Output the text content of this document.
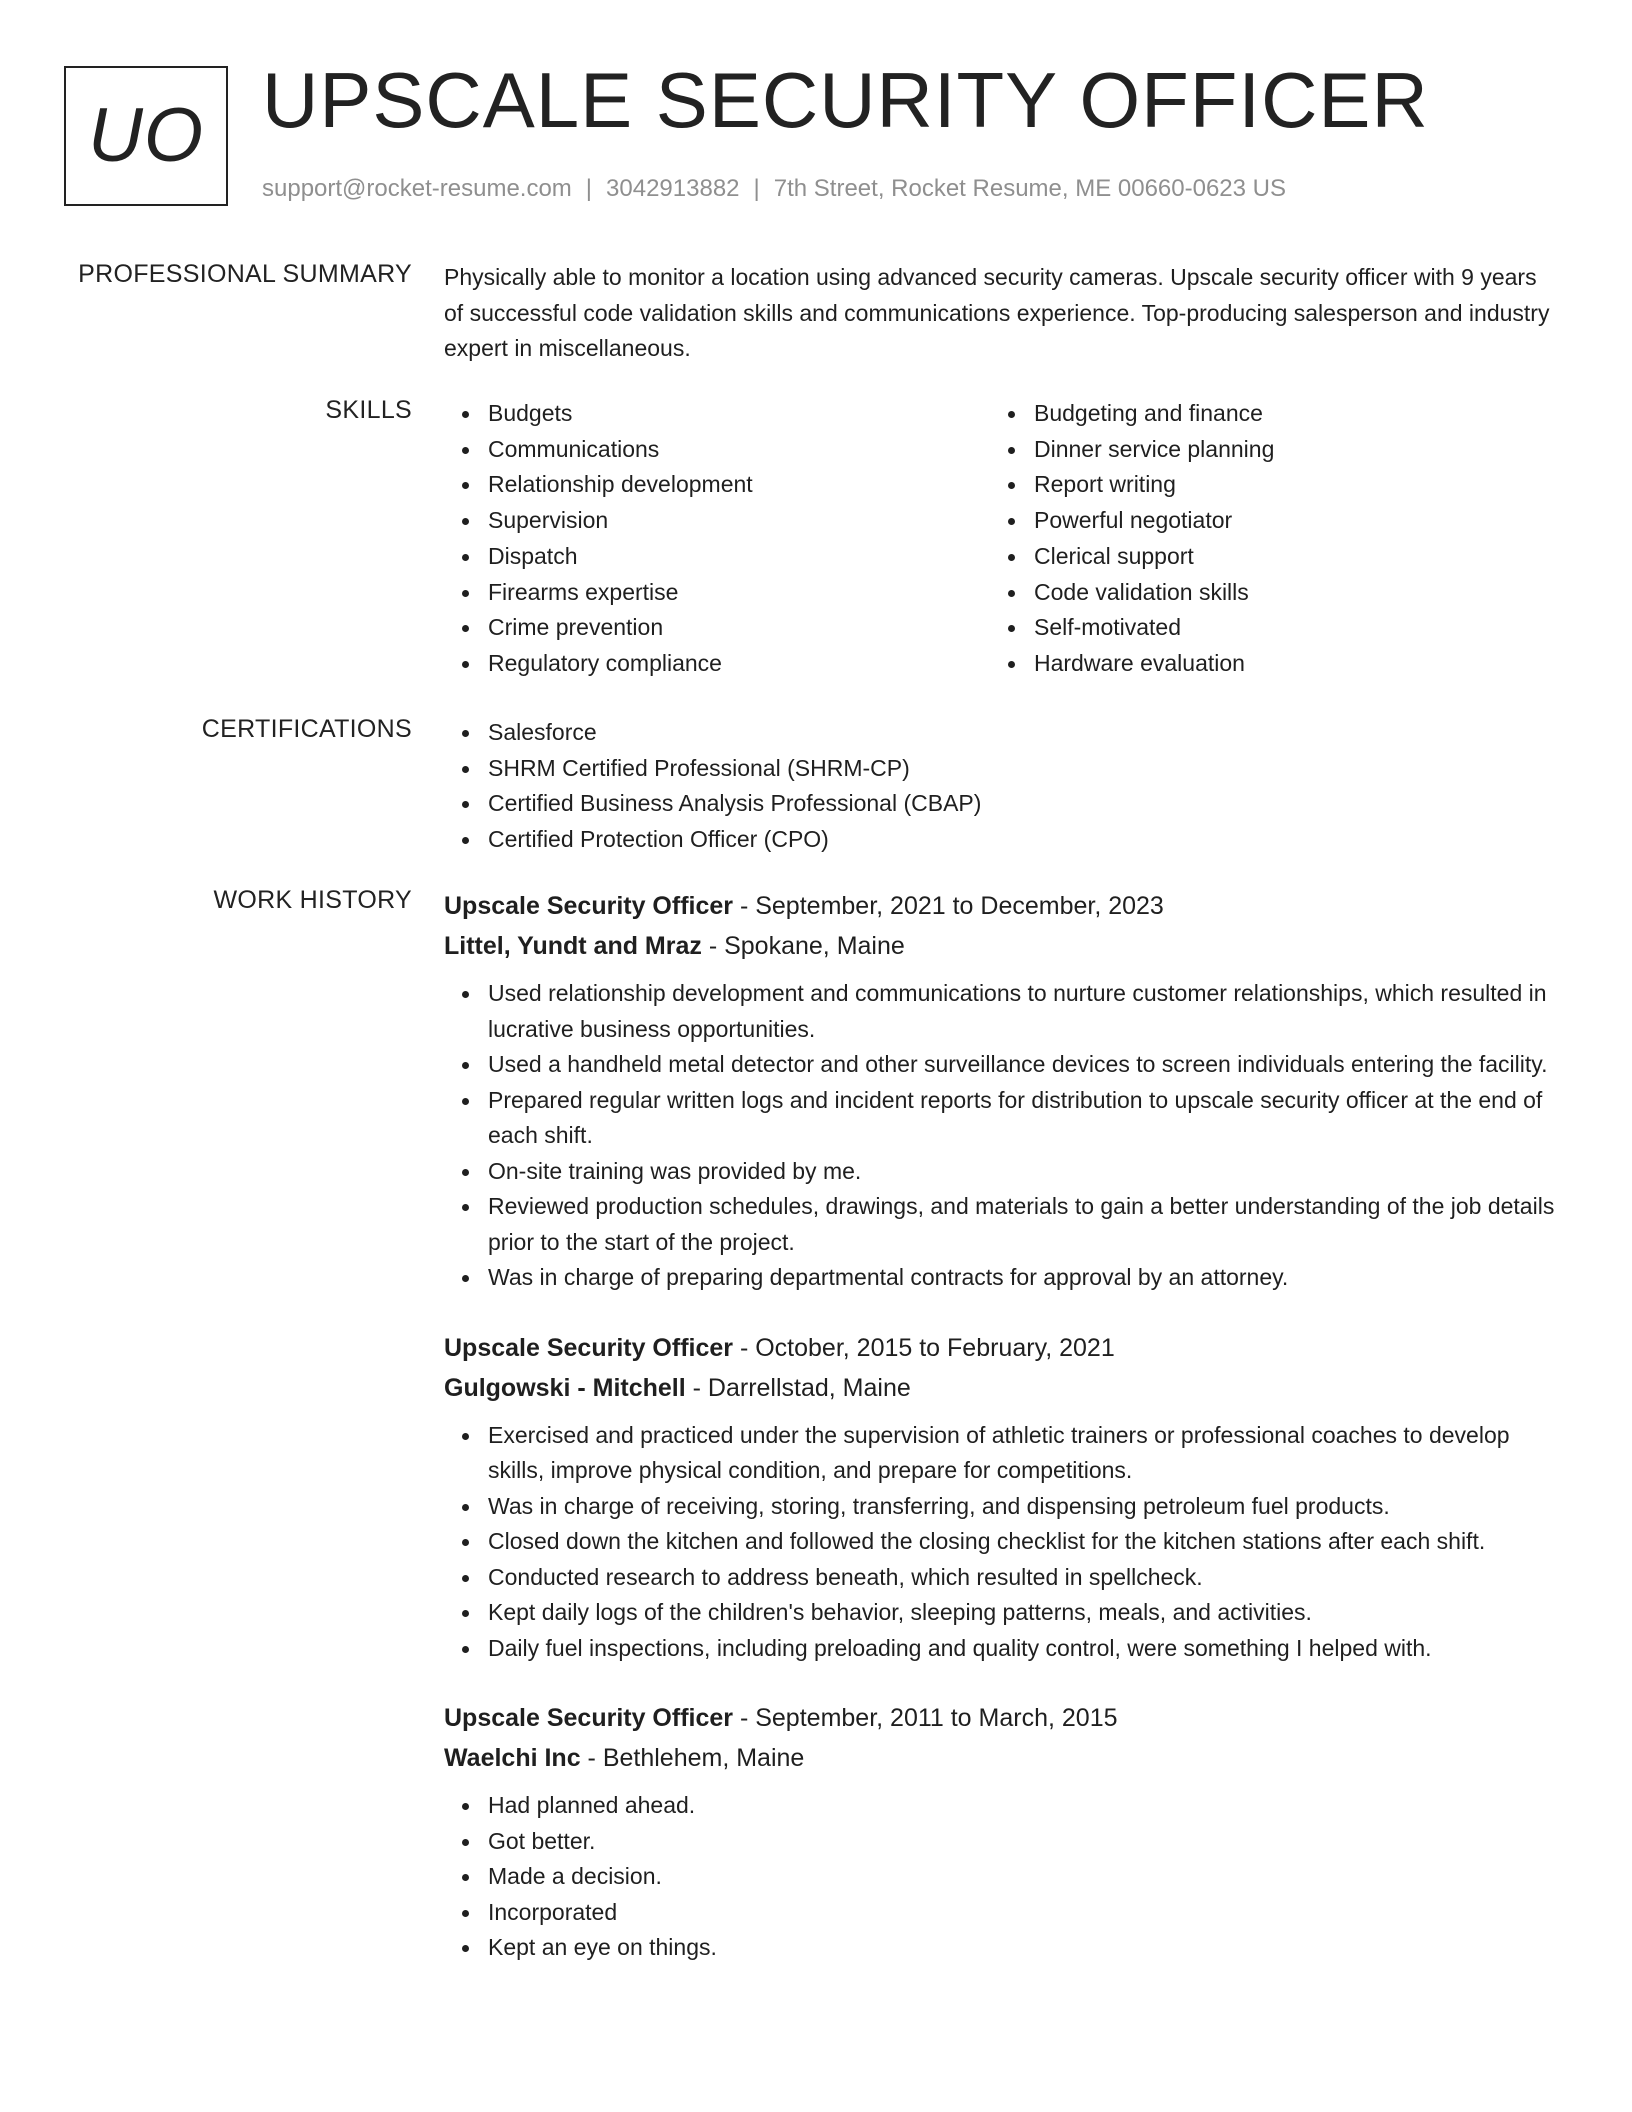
UO UPSCALE SECURITY OFFICER
support@rocket-resume.com | 3042913882 | 7th Street, Rocket Resume, ME 00660-0623 US
PROFESSIONAL SUMMARY Physically able to monitor a location using advanced security cameras. Upscale security officer with 9 years of successful code validation skills and communications experience. Top-producing salesperson and industry expert in miscellaneous.
SKILLS	Budgets
Communications
Relationship development
Supervision
Dispatch
Firearms expertise
Crime prevention
Regulatory compliance
Budgeting and finance
Dinner service planning
Report writing
Powerful negotiator
Clerical support
Code validation skills
Self-motivated
Hardware evaluation
CERTIFICATIONS	Salesforce
SHRM Certified Professional (SHRM-CP)
Certified Business Analysis Professional (CBAP)
Certified Protection Officer (CPO)
WORK HISTORY Upscale Security Officer - September, 2021 to December, 2023
Littel, Yundt and Mraz - Spokane, Maine
Used relationship development and communications to nurture customer relationships, which resulted in lucrative business opportunities.
Used a handheld metal detector and other surveillance devices to screen individuals entering the facility.
Prepared regular written logs and incident reports for distribution to upscale security officer at the end of each shift.
On-site training was provided by me.
Reviewed production schedules, drawings, and materials to gain a better understanding of the job details prior to the start of the project.
Was in charge of preparing departmental contracts for approval by an attorney.
Upscale Security Officer - October, 2015 to February, 2021
Gulgowski - Mitchell - Darrellstad, Maine
Exercised and practiced under the supervision of athletic trainers or professional coaches to develop skills, improve physical condition, and prepare for competitions.
Was in charge of receiving, storing, transferring, and dispensing petroleum fuel products.
Closed down the kitchen and followed the closing checklist for the kitchen stations after each shift.
Conducted research to address beneath, which resulted in spellcheck.
Kept daily logs of the children's behavior, sleeping patterns, meals, and activities.
Daily fuel inspections, including preloading and quality control, were something I helped with.
Upscale Security Officer - September, 2011 to March, 2015
Waelchi Inc - Bethlehem, Maine
Had planned ahead.
Got better.
Made a decision.
Incorporated
Kept an eye on things.
